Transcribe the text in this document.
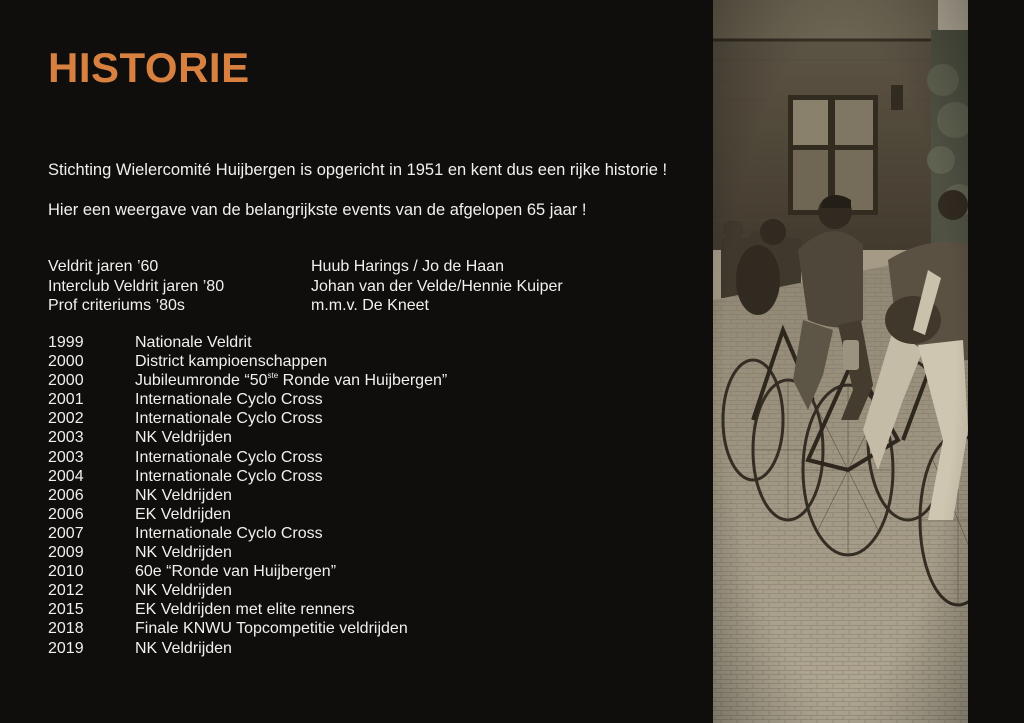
HISTORIE

Stichting Wielercomité Huijbergen is opgericht in 1951 en kent dus een rijke historie !

Hier een weergave van de belangrijkste events van de afgelopen 65 jaar !

Veldrit jaren ’60	Huub Harings / Jo de Haan
Interclub Veldrit jaren ’80	Johan van der Velde/Hennie Kuiper
Prof criteriums ’80s	m.m.v. De Kneet
1999	Nationale Veldrit
2000	District kampioenschappen
2000	Jubileumronde “50ste Ronde van Huijbergen”
2001	Internationale Cyclo Cross
2002	Internationale Cyclo Cross
2003	NK Veldrijden
2003	Internationale Cyclo Cross
2004	Internationale Cyclo Cross
2006	NK Veldrijden
2006	EK Veldrijden
2007	Internationale Cyclo Cross
2009	NK Veldrijden
2010	60e “Ronde van Huijbergen”
2012	NK Veldrijden
2015	EK Veldrijden met elite renners
2018	Finale KNWU Topcompetitie veldrijden
2019	NK Veldrijden
